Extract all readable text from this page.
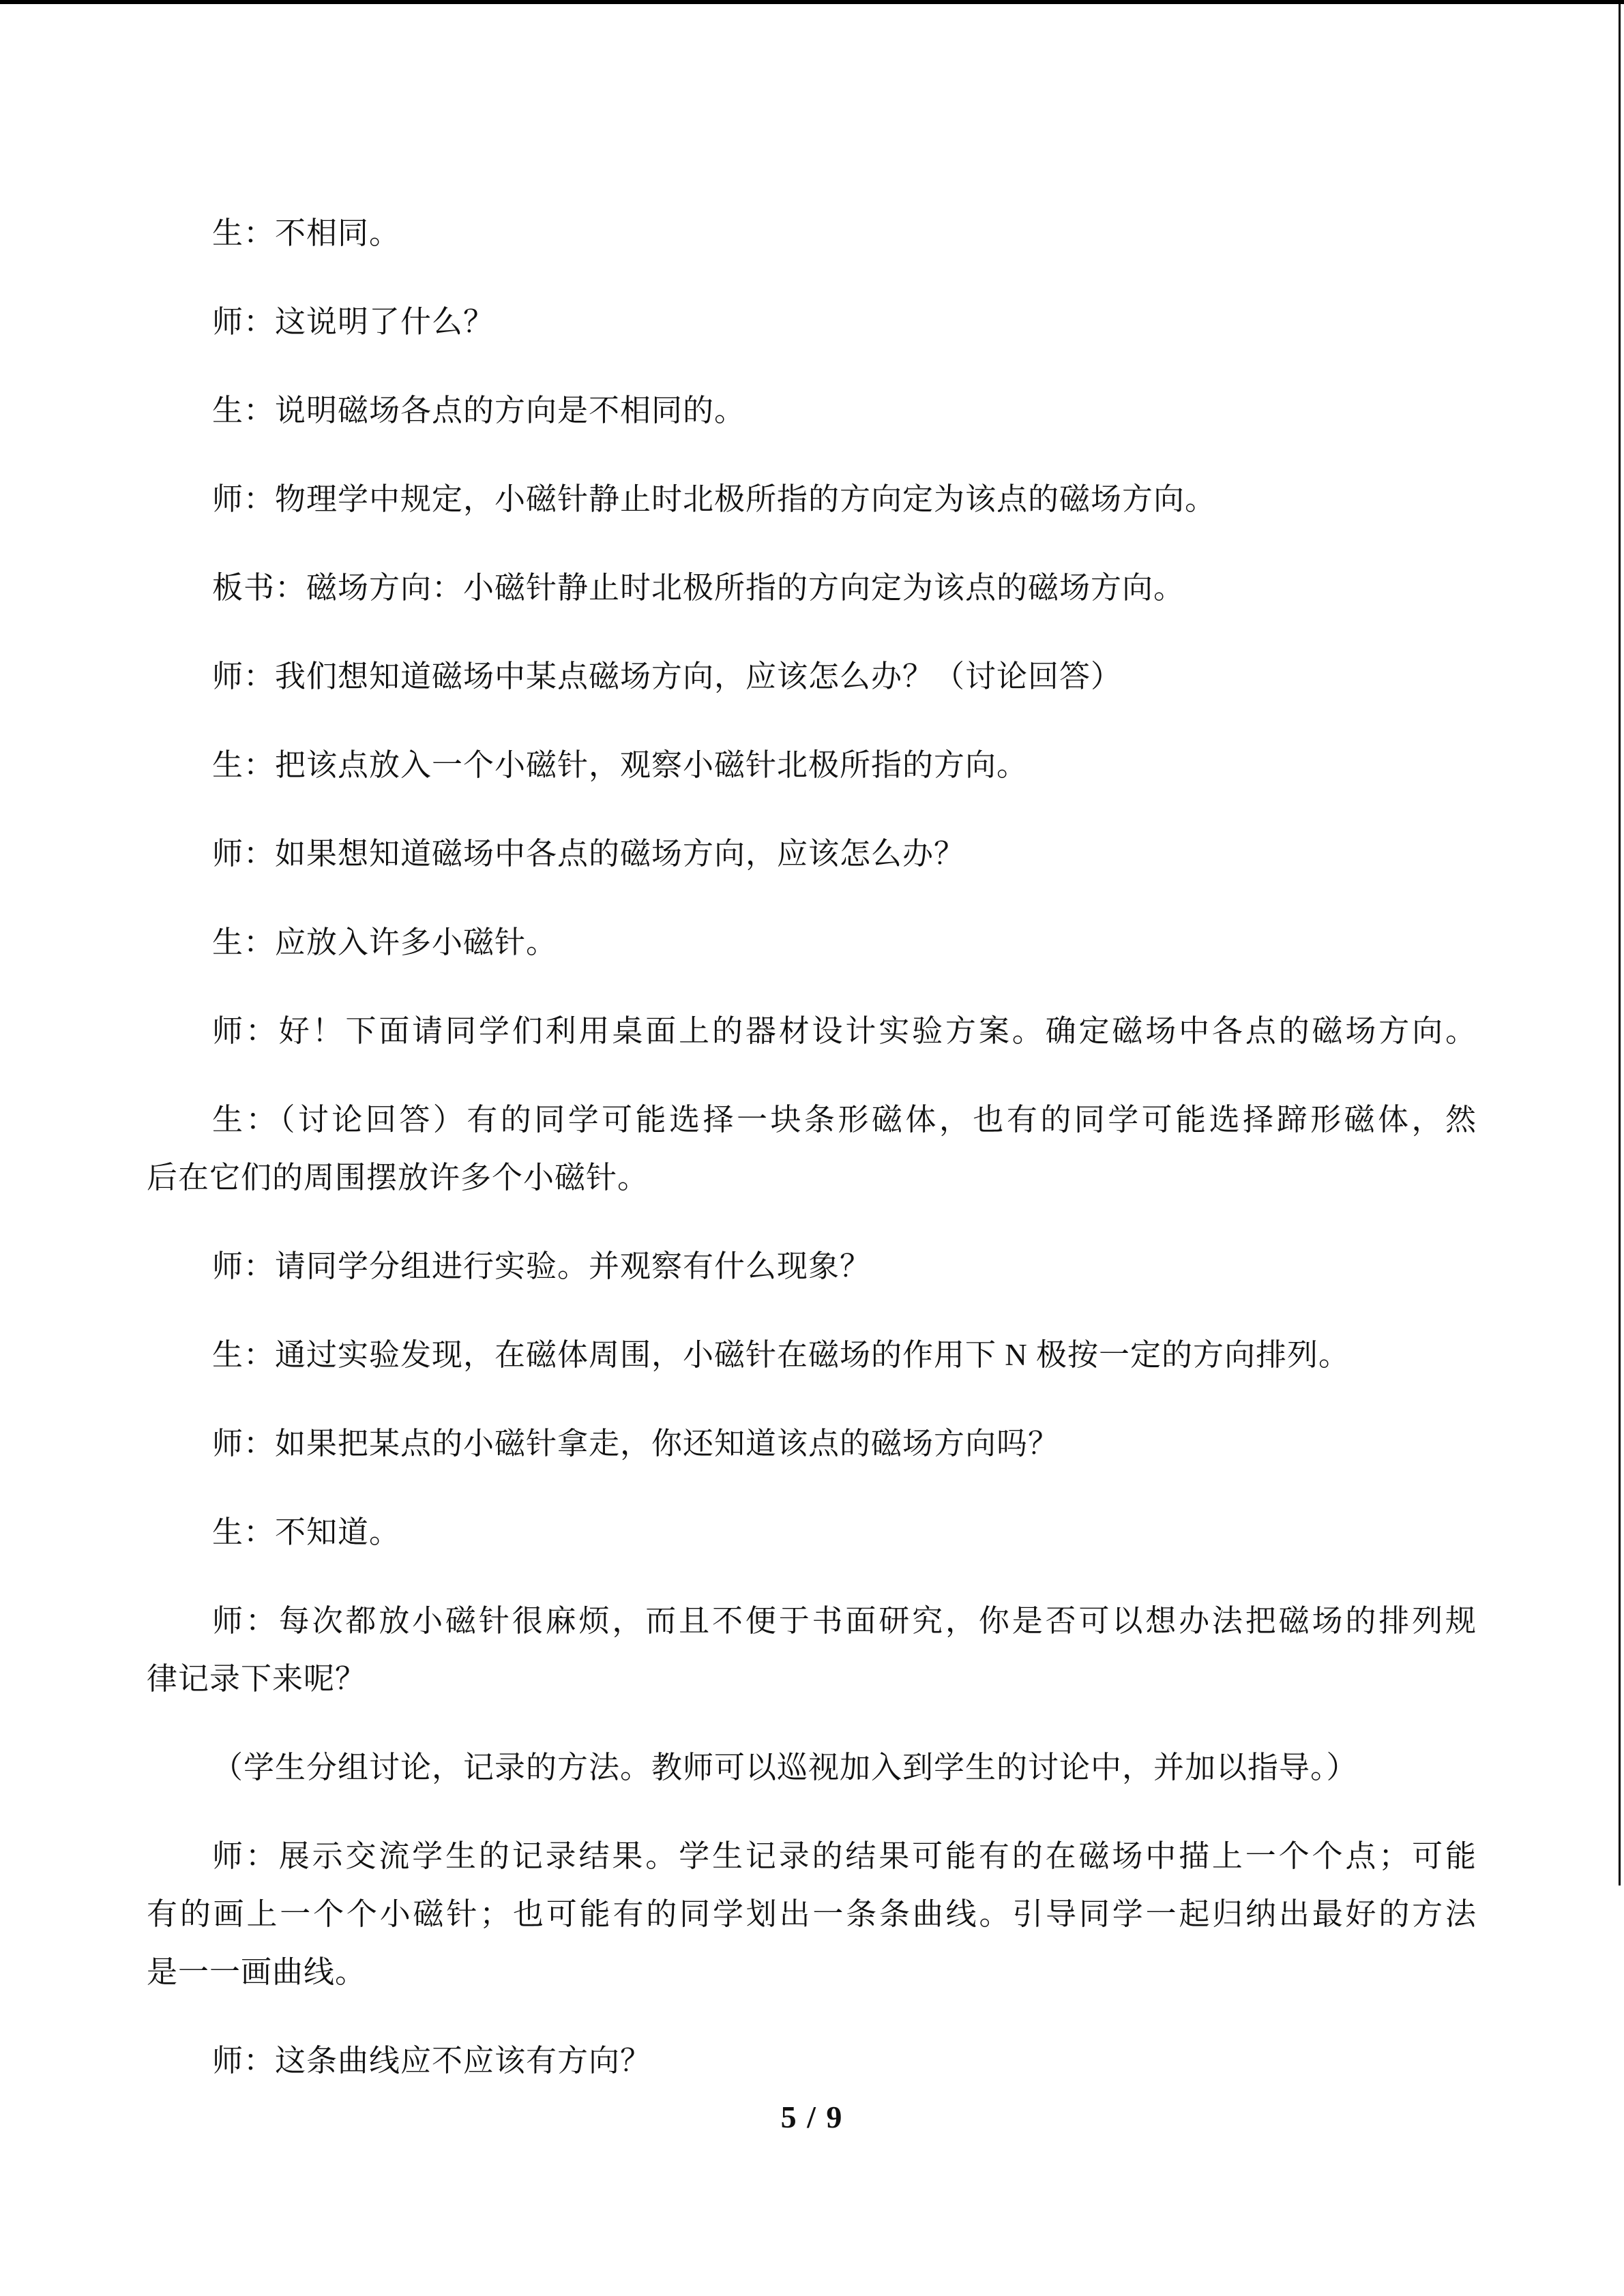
生：不相同。
师：这说明了什么？
生：说明磁场各点的方向是不相同的。
师：物理学中规定，小磁针静止时北极所指的方向定为该点的磁场方向。
板书：磁场方向：小磁针静止时北极所指的方向定为该点的磁场方向。
师：我们想知道磁场中某点磁场方向，应该怎么办？（讨论回答）
生：把该点放入一个小磁针，观察小磁针北极所指的方向。
师：如果想知道磁场中各点的磁场方向，应该怎么办？
生：应放入许多小磁针。
师：好！下面请同学们利用桌面上的器材设计实验方案。确定磁场中各点的磁场方向。
生：（讨论回答）有的同学可能选择一块条形磁体，也有的同学可能选择蹄形磁体，然
后在它们的周围摆放许多个小磁针。
师：请同学分组进行实验。并观察有什么现象？
生：通过实验发现，在磁体周围，小磁针在磁场的作用下 N 极按一定的方向排列。
师：如果把某点的小磁针拿走，你还知道该点的磁场方向吗？
生：不知道。
师：每次都放小磁针很麻烦，而且不便于书面研究，你是否可以想办法把磁场的排列规
律记录下来呢？
（学生分组讨论，记录的方法。教师可以巡视加入到学生的讨论中，并加以指导。）
师：展示交流学生的记录结果。学生记录的结果可能有的在磁场中描上一个个点；可能
有的画上一个个小磁针；也可能有的同学划出一条条曲线。引导同学一起归纳出最好的方法
是一一画曲线。
师：这条曲线应不应该有方向？
5 / 9
